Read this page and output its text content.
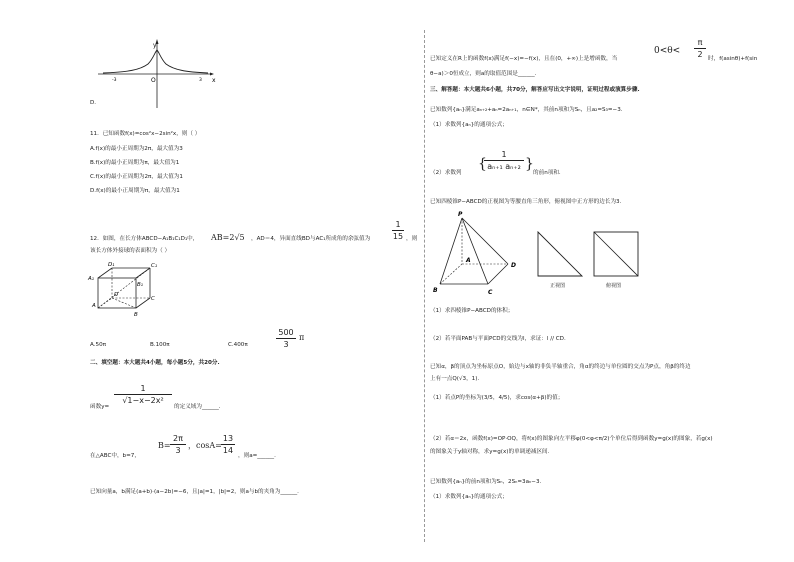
y
x
O
-3	3
D.
11．已知函数f(x)=cos²x−2sin²x，则（ ）
A.f(x)的最小正周期为2π，最大值为3
B.f(x)的最小正周期为π，最大值为1
C.f(x)的最小正周期为2π，最大值为1
D.f(x)的最小正周期为π，最大值为1
12．如图，在长方体ABCD−A₁B₁C₁D₁中， AB=2√5 ，AD＝4，异面直线BD与AC₁所成角的余弦值为
1
15 ，则
该长方体外接球的表面积为（ ）
D₁	C₁
A₁
B₁
D
C
A
B
A.50π	B.100π	C.400π
500
3
π
二、填空题：本大题共4小题，每小题5分，共20分.
1
√1−x−2x²
函数y=	的定义域为______.
在△ABC中，b=7，
B=
2π
3
，cosA=
13
14
，则a=______.
已知向量a，b满足(a+b)·(a−2b)=−6，且|a|=1，|b|=2，则a与b的夹角为______.
已知定义在R上的函数f(x)满足f(−x)=−f(x)，且在(0，+∞)上是增函数，当
0<θ<
π
2 时，f(asinθ)+f(sin
θ−a)＞0恒成立，则a的取值范围是______.
三、解答题：本大题共6小题，共70分，解答应写出文字说明，证明过程或演算步骤.
已知数列{aₙ}满足aₙ₊₂+aₙ=2aₙ₊₁，n∈N*，其前n项和为Sₙ，且a₂=S₃=−3.
（1）求数列{aₙ}的通项公式；
（2）求数列
{
1
aₙ₊₁ aₙ₊₂ }
的前n项和.
已知四棱锥P−ABCD的正视图为等腰直角三角形，俯视图中正方形的边长为3.
P
A
B	C
D
正视图	俯视图
（1）求四棱锥P−ABCD的体积；
（2）若平面PAB与平面PCD的交线为l，求证：l // CD.
已知α，β的顶点为坐标原点O，始边与x轴的非负半轴重合，角α的终边与单位圆的交点为P点，角β的终边
上有一点Q(√3，1).
（1）若点P的坐标为(3/5，4/5)，求cos(α+β)的值；
（2）若α＝2x，函数f(x)=OP·OQ，将f(x)的图象向左平移φ(0<φ<π/2)个单位后得到函数y=g(x)的图象，若g(x)
的图象关于y轴对称，求y=g(x)的单调递减区间.
已知数列{aₙ}的前n项和为Sₙ，2Sₙ=3aₙ−3.
（1）求数列{aₙ}的通项公式；
